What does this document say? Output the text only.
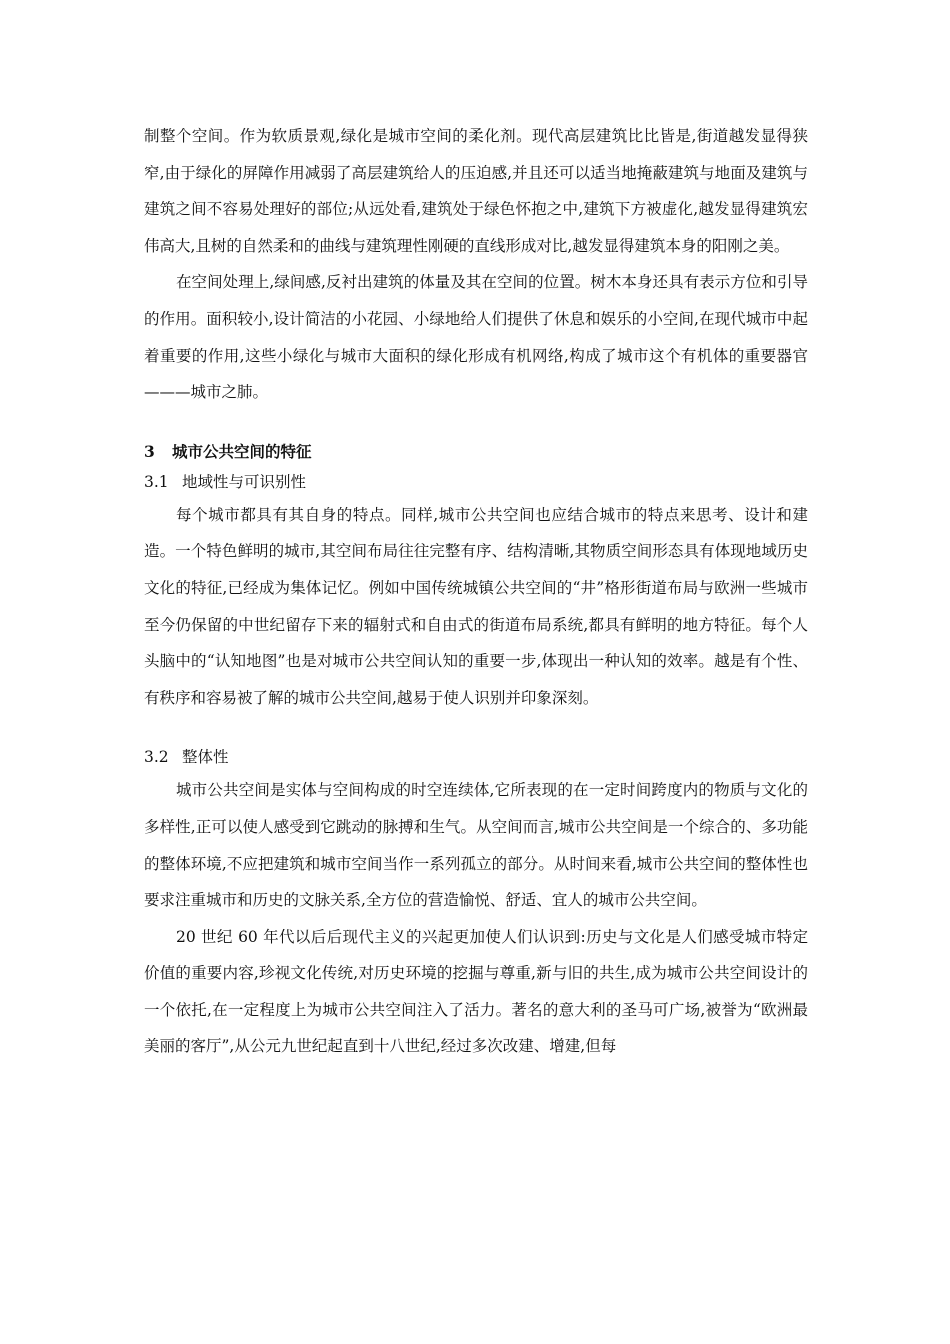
制整个空间。作为软质景观,绿化是城市空间的柔化剂。现代高层建筑比比皆是,街道越发显得狭窄,由于绿化的屏障作用减弱了高层建筑给人的压迫感,并且还可以适当地掩蔽建筑与地面及建筑与建筑之间不容易处理好的部位;从远处看,建筑处于绿色怀抱之中,建筑下方被虚化,越发显得建筑宏伟高大,且树的自然柔和的曲线与建筑理性刚硬的直线形成对比,越发显得建筑本身的阳刚之美。

在空间处理上,绿间感,反衬出建筑的体量及其在空间的位置。树木本身还具有表示方位和引导的作用。面积较小,设计简洁的小花园、小绿地给人们提供了休息和娱乐的小空间,在现代城市中起着重要的作用,这些小绿化与城市大面积的绿化形成有机网络,构成了城市这个有机体的重要器官———城市之肺。

3 城市公共空间的特征

3.1 地域性与可识别性

每个城市都具有其自身的特点。同样,城市公共空间也应结合城市的特点来思考、设计和建造。一个特色鲜明的城市,其空间布局往往完整有序、结构清晰,其物质空间形态具有体现地域历史文化的特征,已经成为集体记忆。例如中国传统城镇公共空间的“井”格形街道布局与欧洲一些城市至今仍保留的中世纪留存下来的辐射式和自由式的街道布局系统,都具有鲜明的地方特征。每个人头脑中的“认知地图”也是对城市公共空间认知的重要一步,体现出一种认知的效率。越是有个性、有秩序和容易被了解的城市公共空间,越易于使人识别并印象深刻。

3.2 整体性

城市公共空间是实体与空间构成的时空连续体,它所表现的在一定时间跨度内的物质与文化的多样性,正可以使人感受到它跳动的脉搏和生气。从空间而言,城市公共空间是一个综合的、多功能的整体环境,不应把建筑和城市空间当作一系列孤立的部分。从时间来看,城市公共空间的整体性也要求注重城市和历史的文脉关系,全方位的营造愉悦、舒适、宜人的城市公共空间。

20 世纪 60 年代以后后现代主义的兴起更加使人们认识到:历史与文化是人们感受城市特定价值的重要内容,珍视文化传统,对历史环境的挖掘与尊重,新与旧的共生,成为城市公共空间设计的一个依托,在一定程度上为城市公共空间注入了活力。著名的意大利的圣马可广场,被誉为“欧洲最美丽的客厅”,从公元九世纪起直到十八世纪,经过多次改建、增建,但每
